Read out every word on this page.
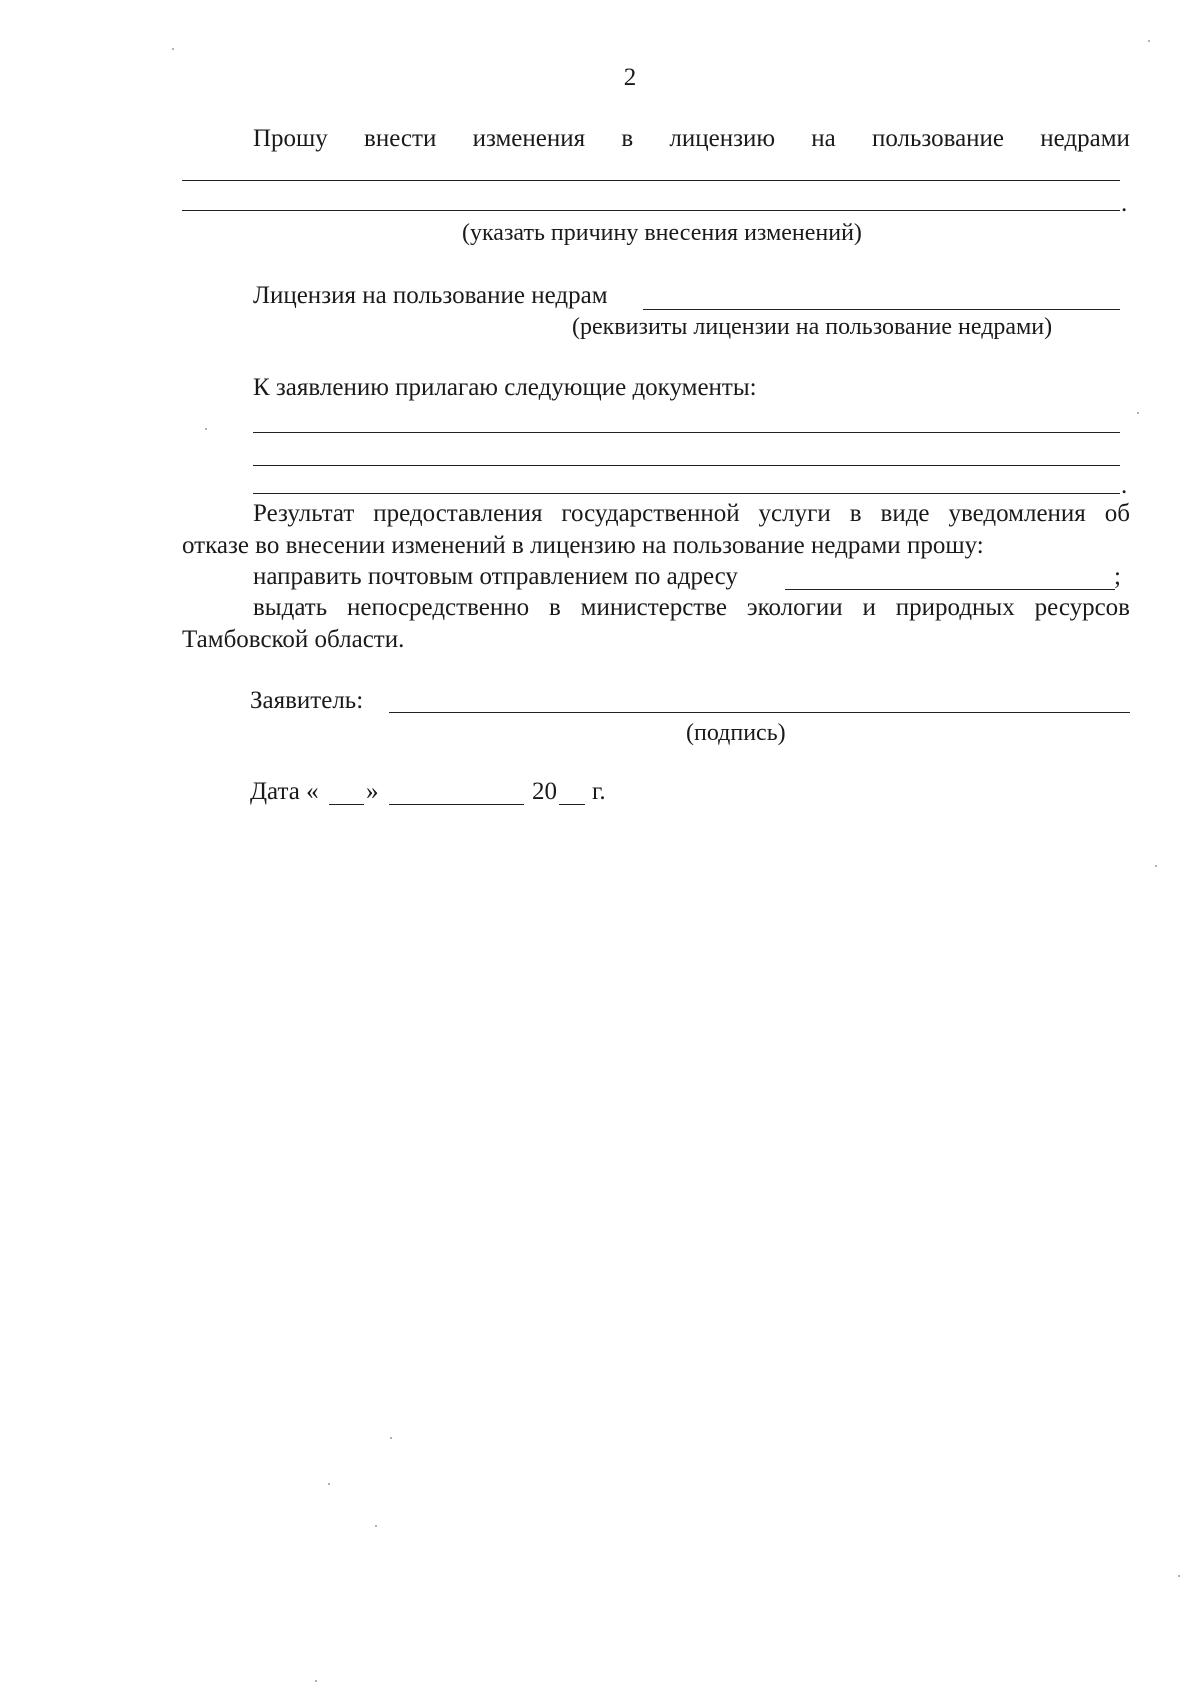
2
Прошу внести изменения в лицензию на пользование недрами
.
(указать причину внесения изменений)
Лицензия на пользование недрам
(реквизиты лицензии на пользование недрами)
К заявлению прилагаю следующие документы:
.
Результат предоставления государственной услуги в виде уведомления об
отказе во внесении изменений в лицензию на пользование недрами прошу:
направить почтовым отправлением по адресу	;
выдать непосредственно в министерстве экологии и природных ресурсов
Тамбовской области.
Заявитель:
(подпись)
Дата « »	20 г.
